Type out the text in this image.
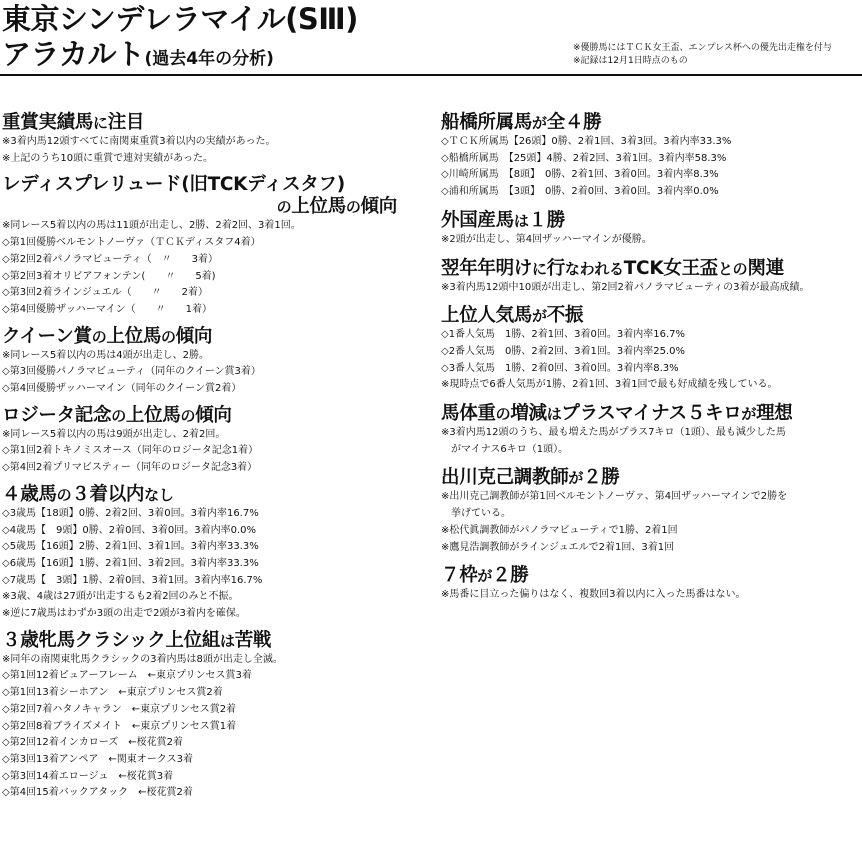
東京シンデレラマイル(SⅢ)
アラカルト(過去4年の分析)
※優勝馬にはＴＣＫ女王盃、エンプレス杯への優先出走権を付与
※記録は12月1日時点のもの
重賞実績馬に注目
※3着内馬12頭すべてに南関東重賞3着以内の実績があった。
※上記のうち10頭に重賞で連対実績があった。
レディスプレリュード(旧TCKディスタフ)
の上位馬の傾向
※同レース5着以内の馬は11頭が出走し、2勝、2着2回、3着1回。
◇第1回優勝ベルモントノーヴァ（ＴＣＫディスタフ4着）
◇第2回2着パノラマビューティ（　〃　　3着）
◇第2回3着オリビアフォンテン(　　〃　　5着)
◇第3回2着ラインジュエル（　　〃　　2着）
◇第4回優勝ザッハーマイン（　　〃　　1着）
クイーン賞の上位馬の傾向
※同レース5着以内の馬は4頭が出走し、2勝。
◇第3回優勝パノラマビューティ（同年のクイーン賞3着）
◇第4回優勝ザッハーマイン（同年のクイーン賞2着）
ロジータ記念の上位馬の傾向
※同レース5着以内の馬は9頭が出走し、2着2回。
◇第1回2着トキノミスオース（同年のロジータ記念1着）
◇第4回2着プリマビスティー（同年のロジータ記念3着）
４歳馬の３着以内なし
◇3歳馬【18頭】0勝、2着2回、3着0回。3着内率16.7%
◇4歳馬【　9頭】0勝、2着0回、3着0回。3着内率0.0%
◇5歳馬【16頭】2勝、2着1回、3着1回。3着内率33.3%
◇6歳馬【16頭】1勝、2着1回、3着2回。3着内率33.3%
◇7歳馬【　3頭】1勝、2着0回、3着1回。3着内率16.7%
※3歳、4歳は27頭が出走するも2着2回のみと不振。
※逆に7歳馬はわずか3頭の出走で2頭が3着内を確保。
３歳牝馬クラシック上位組は苦戦
※同年の南関東牝馬クラシックの3着内馬は8頭が出走し全滅。
◇第1回12着ピュアーフレーム　←東京プリンセス賞3着
◇第1回13着シーホアン　←東京プリンセス賞2着
◇第2回7着ハタノキャラン　←東京プリンセス賞2着
◇第2回8着ブライズメイト　←東京プリンセス賞1着
◇第2回12着インカローズ　←桜花賞2着
◇第3回13着アンペア　←関東オークス3着
◇第3回14着エロージュ　←桜花賞3着
◇第4回15着バックアタック　←桜花賞2着
船橋所属馬が全４勝
◇ＴＣＫ所属馬【26頭】0勝、2着1回、3着3回。3着内率33.3%
◇船橋所属馬　【25頭】4勝、2着2回、3着1回。3着内率58.3%
◇川崎所属馬　【8頭】　0勝、2着1回、3着0回。3着内率8.3%
◇浦和所属馬　【3頭】　0勝、2着0回、3着0回。3着内率0.0%
外国産馬は１勝
※2頭が出走し、第4回ザッハーマインが優勝。
翌年年明けに行なわれるTCK女王盃との関連
※3着内馬12頭中10頭が出走し、第2回2着パノラマビューティの3着が最高成績。
上位人気馬が不振
◇1番人気馬　1勝、2着1回、3着0回。3着内率16.7%
◇2番人気馬　0勝、2着2回、3着1回。3着内率25.0%
◇3番人気馬　1勝、2着0回、3着0回。3着内率8.3%
※現時点で6番人気馬が1勝、2着1回、3着1回で最も好成績を残している。
馬体重の増減はプラスマイナス５キロが理想
※3着内馬12頭のうち、最も増えた馬がプラス7キロ（1頭）、最も減少した馬
がマイナス6キロ（1頭）。
出川克己調教師が２勝
※出川克己調教師が第1回ベルモントノーヴァ、第4回ザッハーマインで2勝を
挙げている。
※松代眞調教師がパノラマビューティで1勝、2着1回
※鷹見浩調教師がラインジュエルで2着1回、3着1回
７枠が２勝
※馬番に目立った偏りはなく、複数回3着以内に入った馬番はない。
